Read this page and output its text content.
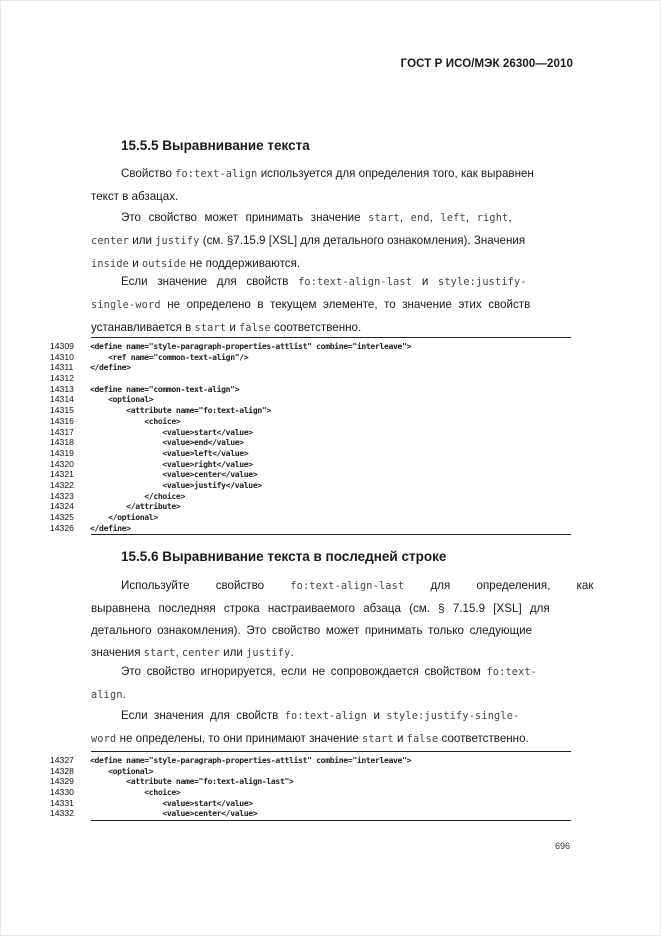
ГОСТ Р ИСО/МЭК 26300—2010
15.5.5 Выравнивание текста
Свойство fo:text-align используется для определения того, как выравнен
текст в абзацах.
Это свойство может принимать значение start, end, left, right,
center или justify (см. §7.15.9 [XSL] для детального ознакомления). Значения
inside и outside не поддерживаются.
Если значение для свойств fo:text-align-last и style:justify-
single-word не определено в текущем элементе, то значение этих свойств
устанавливается в start и false соответственно.
14309	<define name="style-paragraph-properties-attlist" combine="interleave">
14310	<ref name="common-text-align"/>
14311	</define>
14312
14313	<define name="common-text-align">
14314	<optional>
14315	<attribute name="fo:text-align">
14316	<choice>
14317	<value>start</value>
14318	<value>end</value>
14319	<value>left</value>
14320	<value>right</value>
14321	<value>center</value>
14322	<value>justify</value>
14323	</choice>
14324	</attribute>
14325	</optional>
14326	</define>
15.5.6 Выравнивание текста в последней строке
Используйте свойство fo:text-align-last для определения, как
выравнена последняя строка настраиваемого абзаца (см. § 7.15.9 [XSL] для
детального ознакомления). Это свойство может принимать только следующие
значения start, center или justify.
Это свойство игнорируется, если не сопровождается свойством fo:text-
align.
Если значения для свойств fo:text-align и style:justify-single-
word не определены, то они принимают значение start и false соответственно.
14327	<define name="style-paragraph-properties-attlist" combine="interleave">
14328	<optional>
14329	<attribute name="fo:text-align-last">
14330	<choice>
14331	<value>start</value>
14332	<value>center</value>
696
